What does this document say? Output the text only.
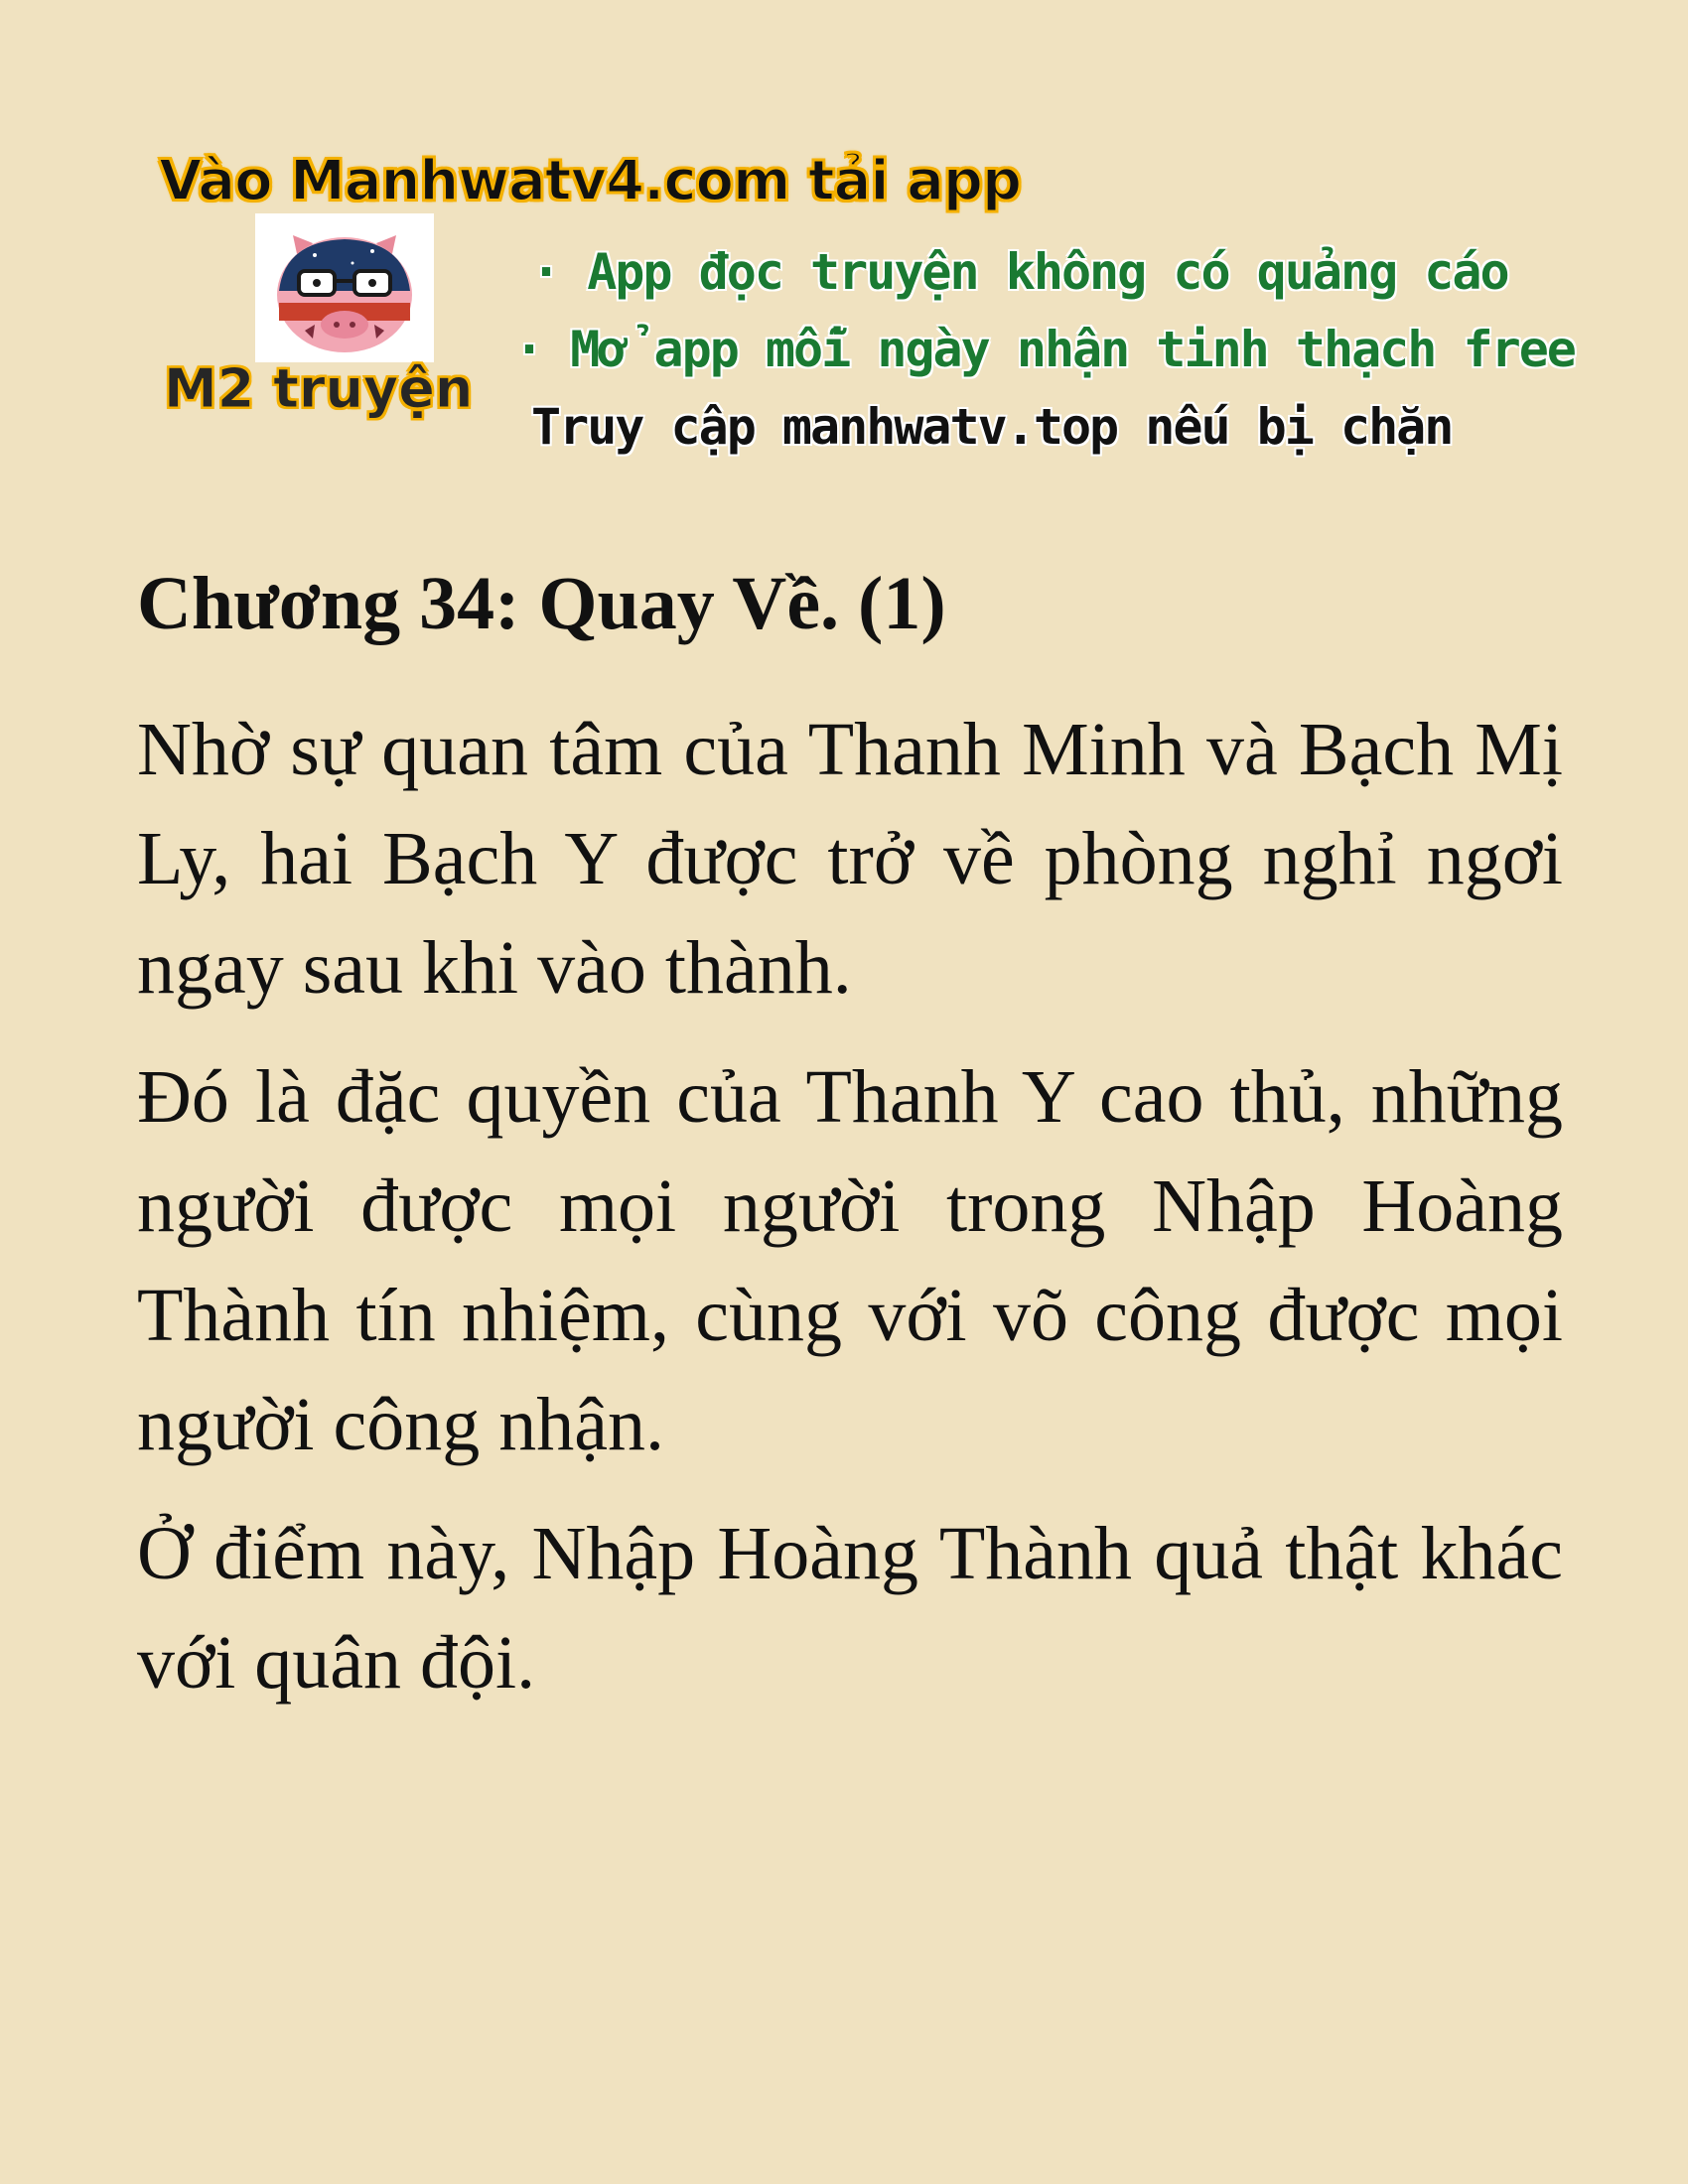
Vào Manhwatv4.com tải app
M2 truyện
· App đọc truyện không có quảng cáo
· Mở app mỗi ngày nhận tinh thạch free
Truy cập manhwatv.top nếu bị chặn
Chương 34: Quay Về. (1)

Nhờ sự quan tâm của Thanh Minh và Bạch Mị Ly, hai Bạch Y được trở về phòng nghỉ ngơi ngay sau khi vào thành.

Đó là đặc quyền của Thanh Y cao thủ, những người được mọi người trong Nhập Hoàng Thành tín nhiệm, cùng với võ công được mọi người công nhận.

Ở điểm này, Nhập Hoàng Thành quả thật khác với quân đội.
